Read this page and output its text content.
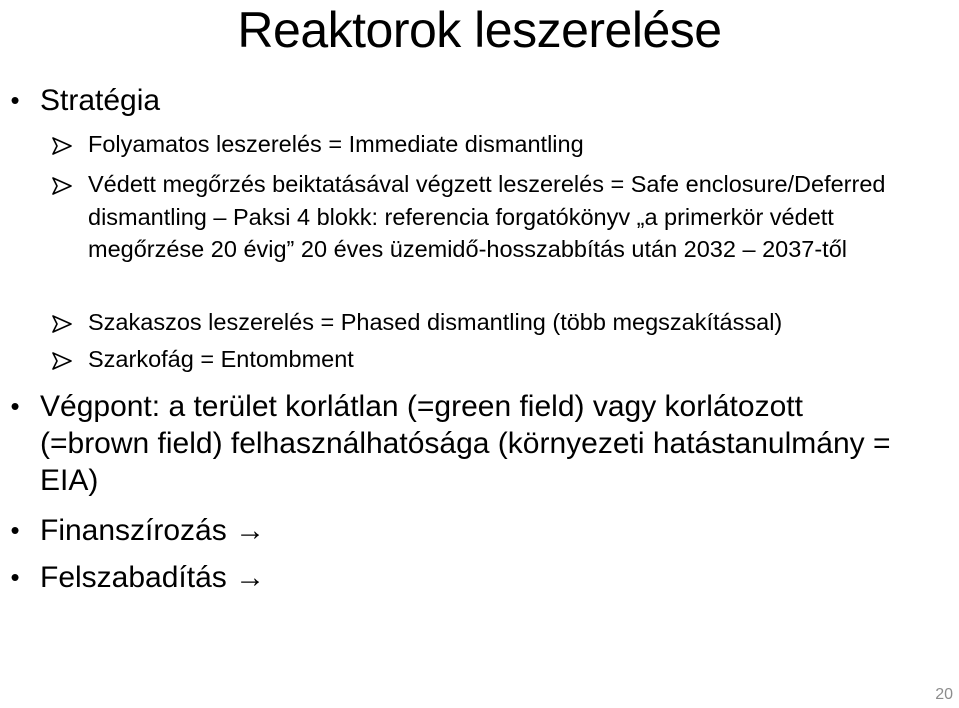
Reaktorok leszerelése
• Stratégia
Folyamatos leszerelés = Immediate dismantling
Védett megőrzés beiktatásával végzett leszerelés = Safe enclosure/Deferred dismantling – Paksi 4 blokk: referencia forgatókönyv „a primerkör védett megőrzése 20 évig” 20 éves üzemidő-hosszabbítás után 2032 – 2037-től
Szakaszos leszerelés = Phased dismantling (több megszakítással)
Szarkofág = Entombment
• Végpont: a terület korlátlan (=green field) vagy korlátozott (=brown field) felhasználhatósága (környezeti hatástanulmány = EIA)
• Finanszírozás →
• Felszabadítás →
20
